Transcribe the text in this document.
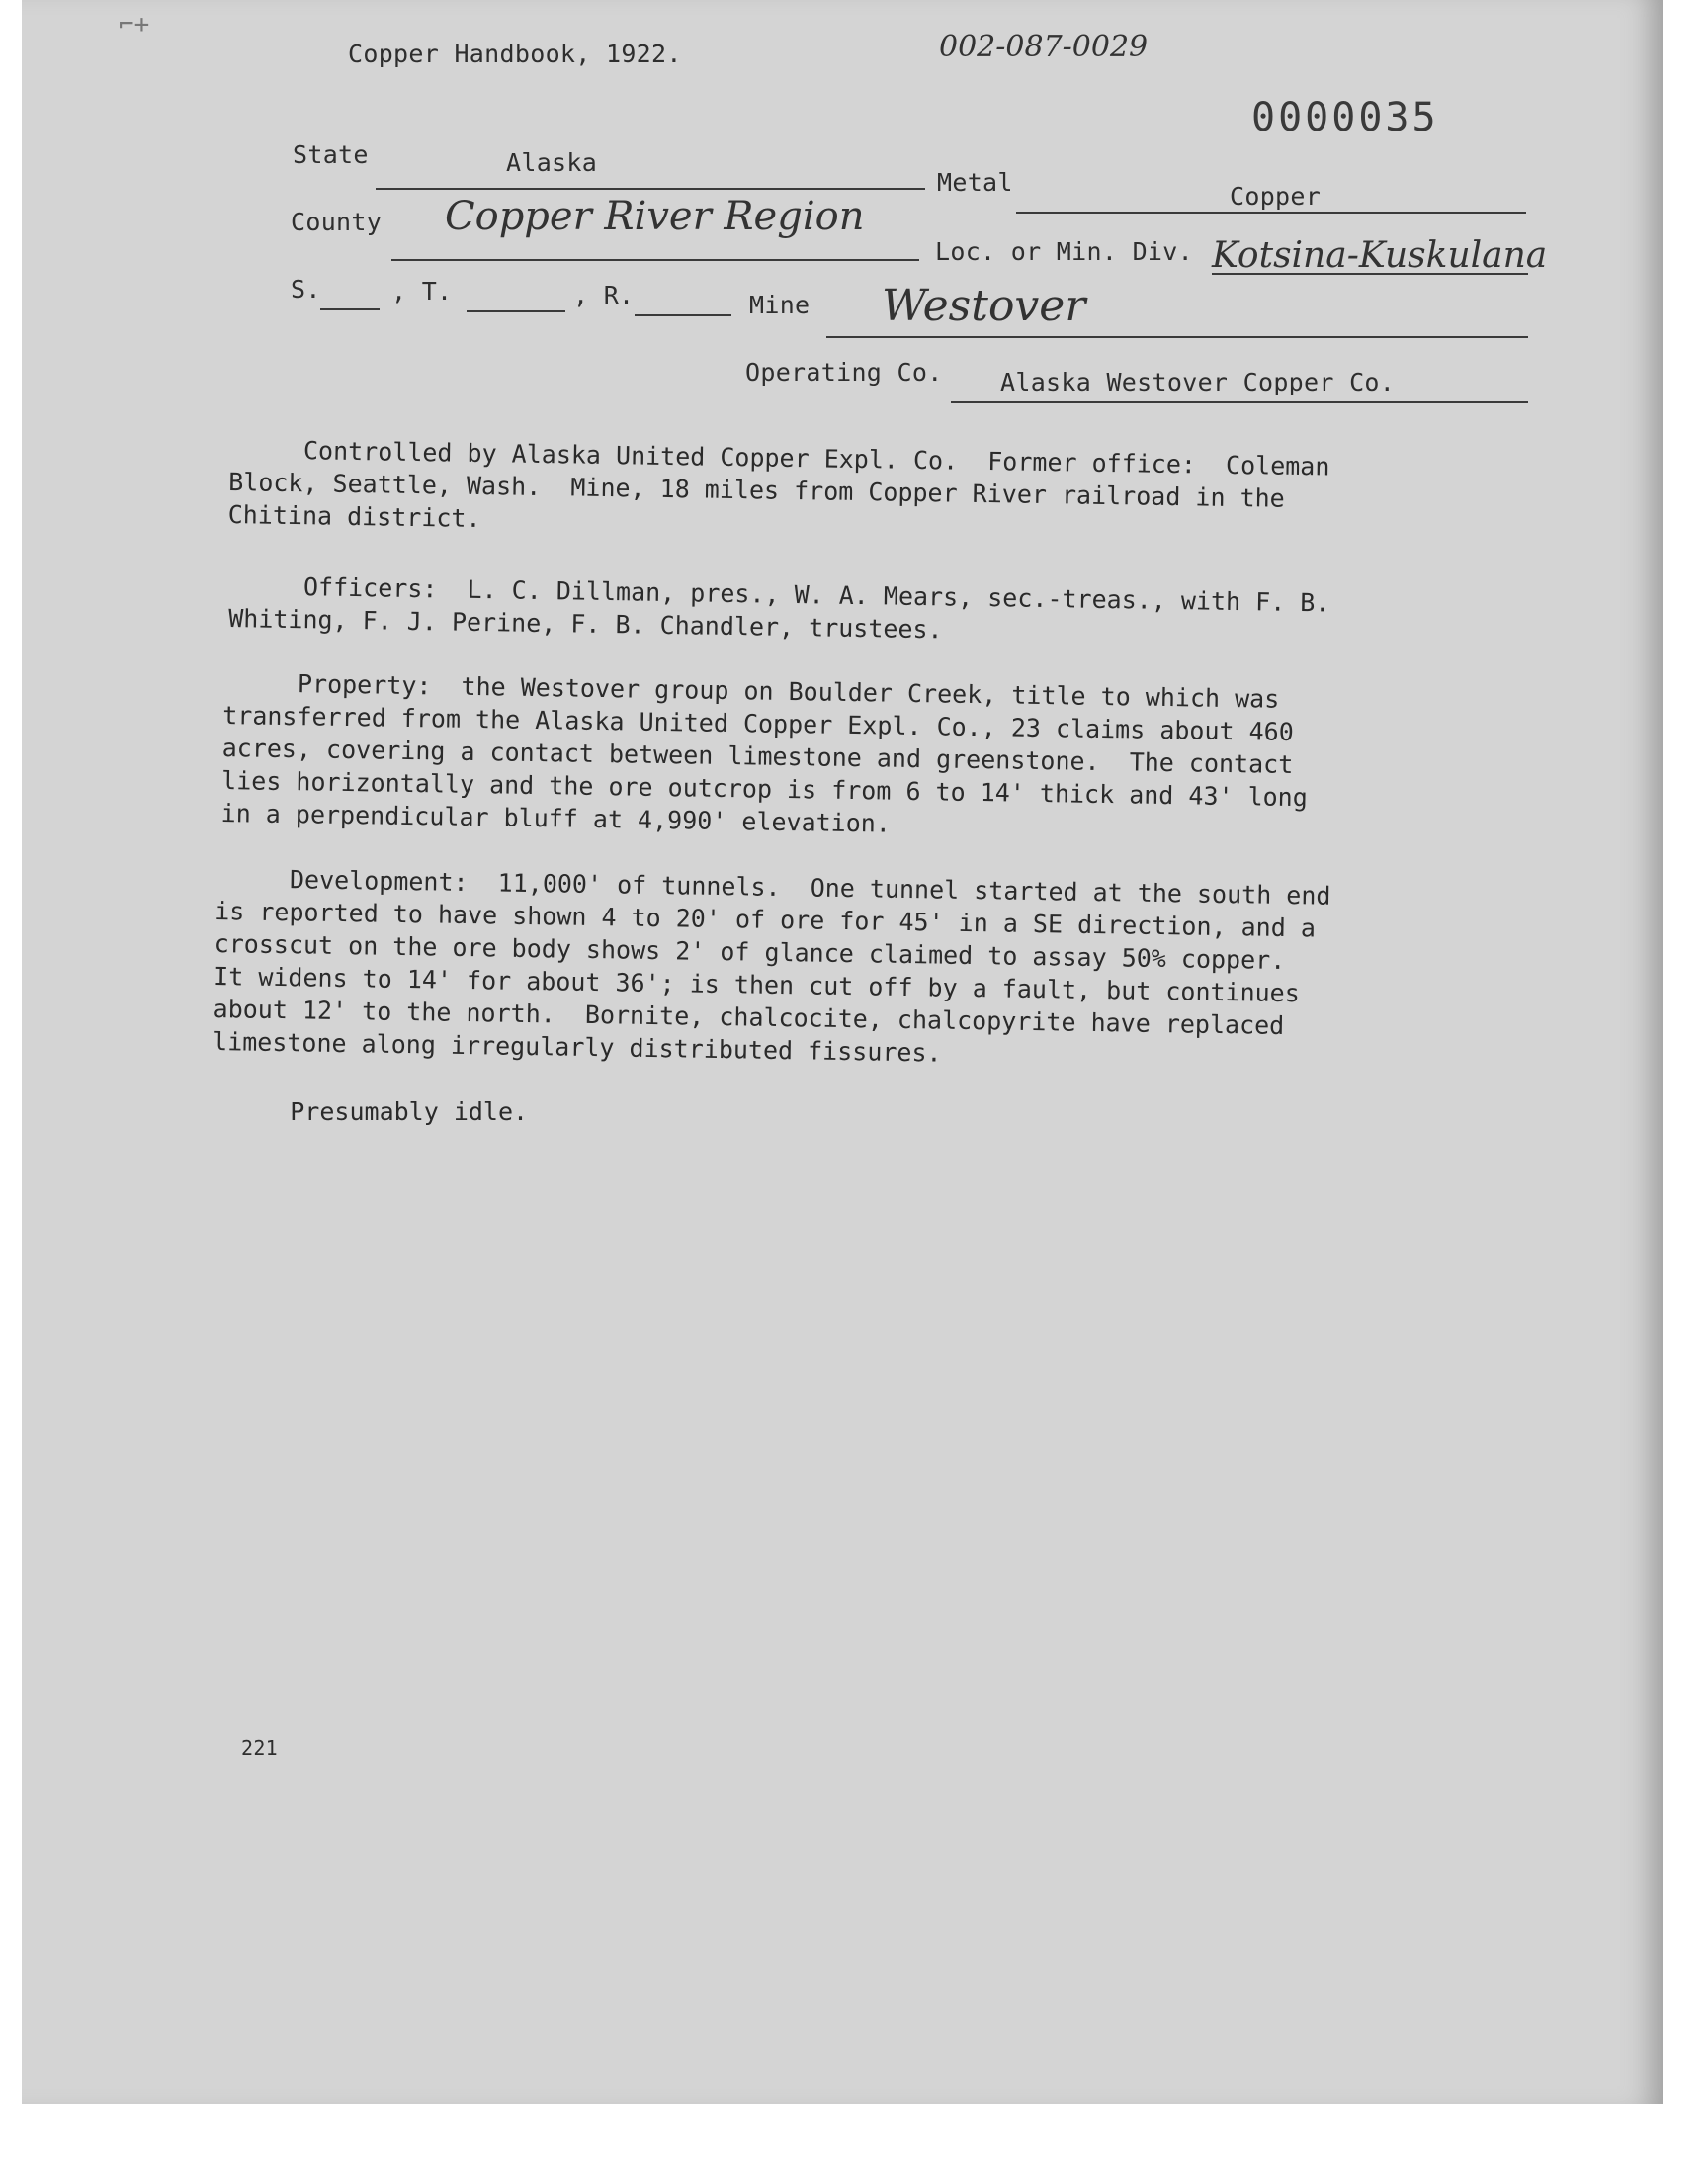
⌐+
Copper Handbook, 1922.	002-087-0029
0000035
State	Alaska
Metal	Copper
County Copper River Region
Loc. or Min. Div. Kotsina-Kuskulana
S.	, T.	, R.	Mine Westover
Operating Co. Alaska Westover Copper Co.
Controlled by Alaska United Copper Expl. Co.  Former office:  Coleman
Block, Seattle, Wash.  Mine, 18 miles from Copper River railroad in the
Chitina district.
Officers:  L. C. Dillman, pres., W. A. Mears, sec.-treas., with F. B.
Whiting, F. J. Perine, F. B. Chandler, trustees.
Property:  the Westover group on Boulder Creek, title to which was
transferred from the Alaska United Copper Expl. Co., 23 claims about 460
acres, covering a contact between limestone and greenstone.  The contact
lies horizontally and the ore outcrop is from 6 to 14' thick and 43' long
in a perpendicular bluff at 4,990' elevation.
Development:  11,000' of tunnels.  One tunnel started at the south end
is reported to have shown 4 to 20' of ore for 45' in a SE direction, and a
crosscut on the ore body shows 2' of glance claimed to assay 50% copper.
It widens to 14' for about 36'; is then cut off by a fault, but continues
about 12' to the north.  Bornite, chalcocite, chalcopyrite have replaced
limestone along irregularly distributed fissures.
Presumably idle.
221
